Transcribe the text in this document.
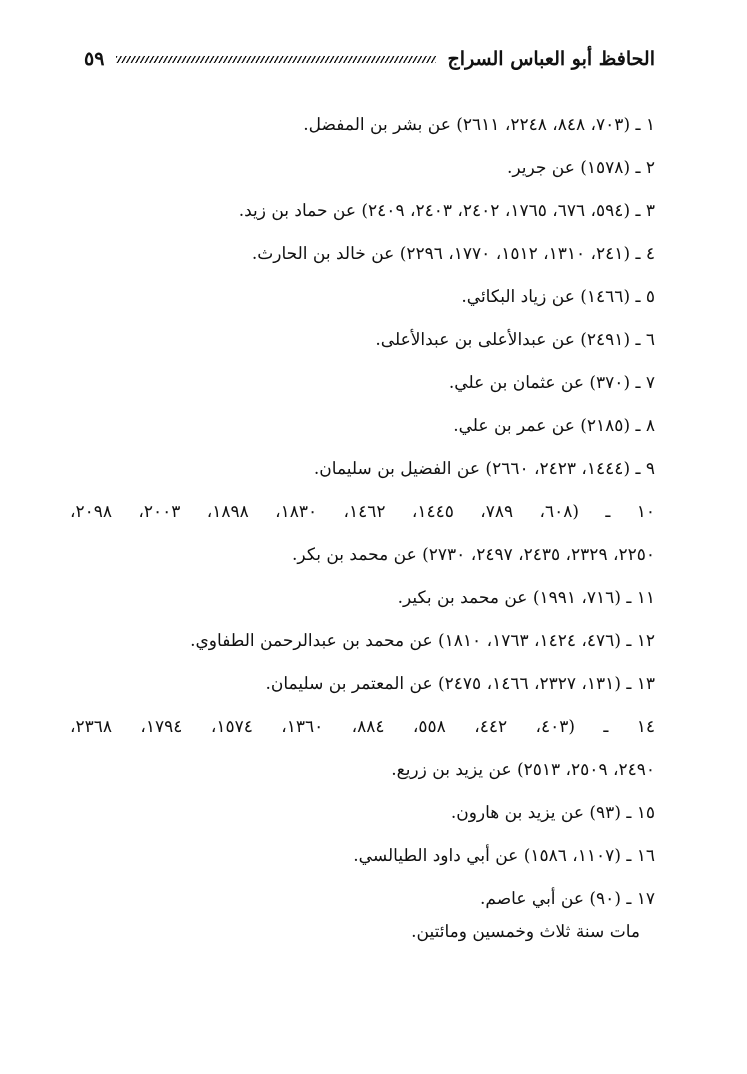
الحافظ أبو العباس السراج
٥٩
١ ـ (٧٠٣، ٨٤٨، ٢٢٤٨، ٢٦١١) عن بشر بن المفضل.
٢ ـ (١٥٧٨) عن جرير.
٣ ـ (٥٩٤، ٦٧٦، ١٧٦٥، ٢٤٠٢، ٢٤٠٣، ٢٤٠٩) عن حماد بن زيد.
٤ ـ (٢٤١، ١٣١٠، ١٥١٢، ١٧٧٠، ٢٢٩٦) عن خالد بن الحارث.
٥ ـ (١٤٦٦) عن زياد البكائي.
٦ ـ (٢٤٩١) عن عبدالأعلى بن عبدالأعلى.
٧ ـ (٣٧٠) عن عثمان بن علي.
٨ ـ (٢١٨٥) عن عمر بن علي.
٩ ـ (١٤٤٤، ٢٤٢٣، ٢٦٦٠) عن الفضيل بن سليمان.
١٠ ـ (٦٠٨، ٧٨٩، ١٤٤٥، ١٤٦٢، ١٨٣٠، ١٨٩٨، ٢٠٠٣، ٢٠٩٨،
٢٢٥٠، ٢٣٢٩، ٢٤٣٥، ٢٤٩٧، ٢٧٣٠) عن محمد بن بكر.
١١ ـ (٧١٦، ١٩٩١) عن محمد بن بكير.
١٢ ـ (٤٧٦، ١٤٢٤، ١٧٦٣، ١٨١٠) عن محمد بن عبدالرحمن الطفاوي.
١٣ ـ (١٣١، ٢٣٢٧، ١٤٦٦، ٢٤٧٥) عن المعتمر بن سليمان.
١٤ ـ (٤٠٣، ٤٤٢، ٥٥٨، ٨٨٤، ١٣٦٠، ١٥٧٤، ١٧٩٤، ٢٣٦٨،
٢٤٩٠، ٢٥٠٩، ٢٥١٣) عن يزيد بن زريع.
١٥ ـ (٩٣) عن يزيد بن هارون.
١٦ ـ (١١٠٧، ١٥٨٦) عن أبي داود الطيالسي.
١٧ ـ (٩٠) عن أبي عاصم.
مات سنة ثلاث وخمسين ومائتين.
